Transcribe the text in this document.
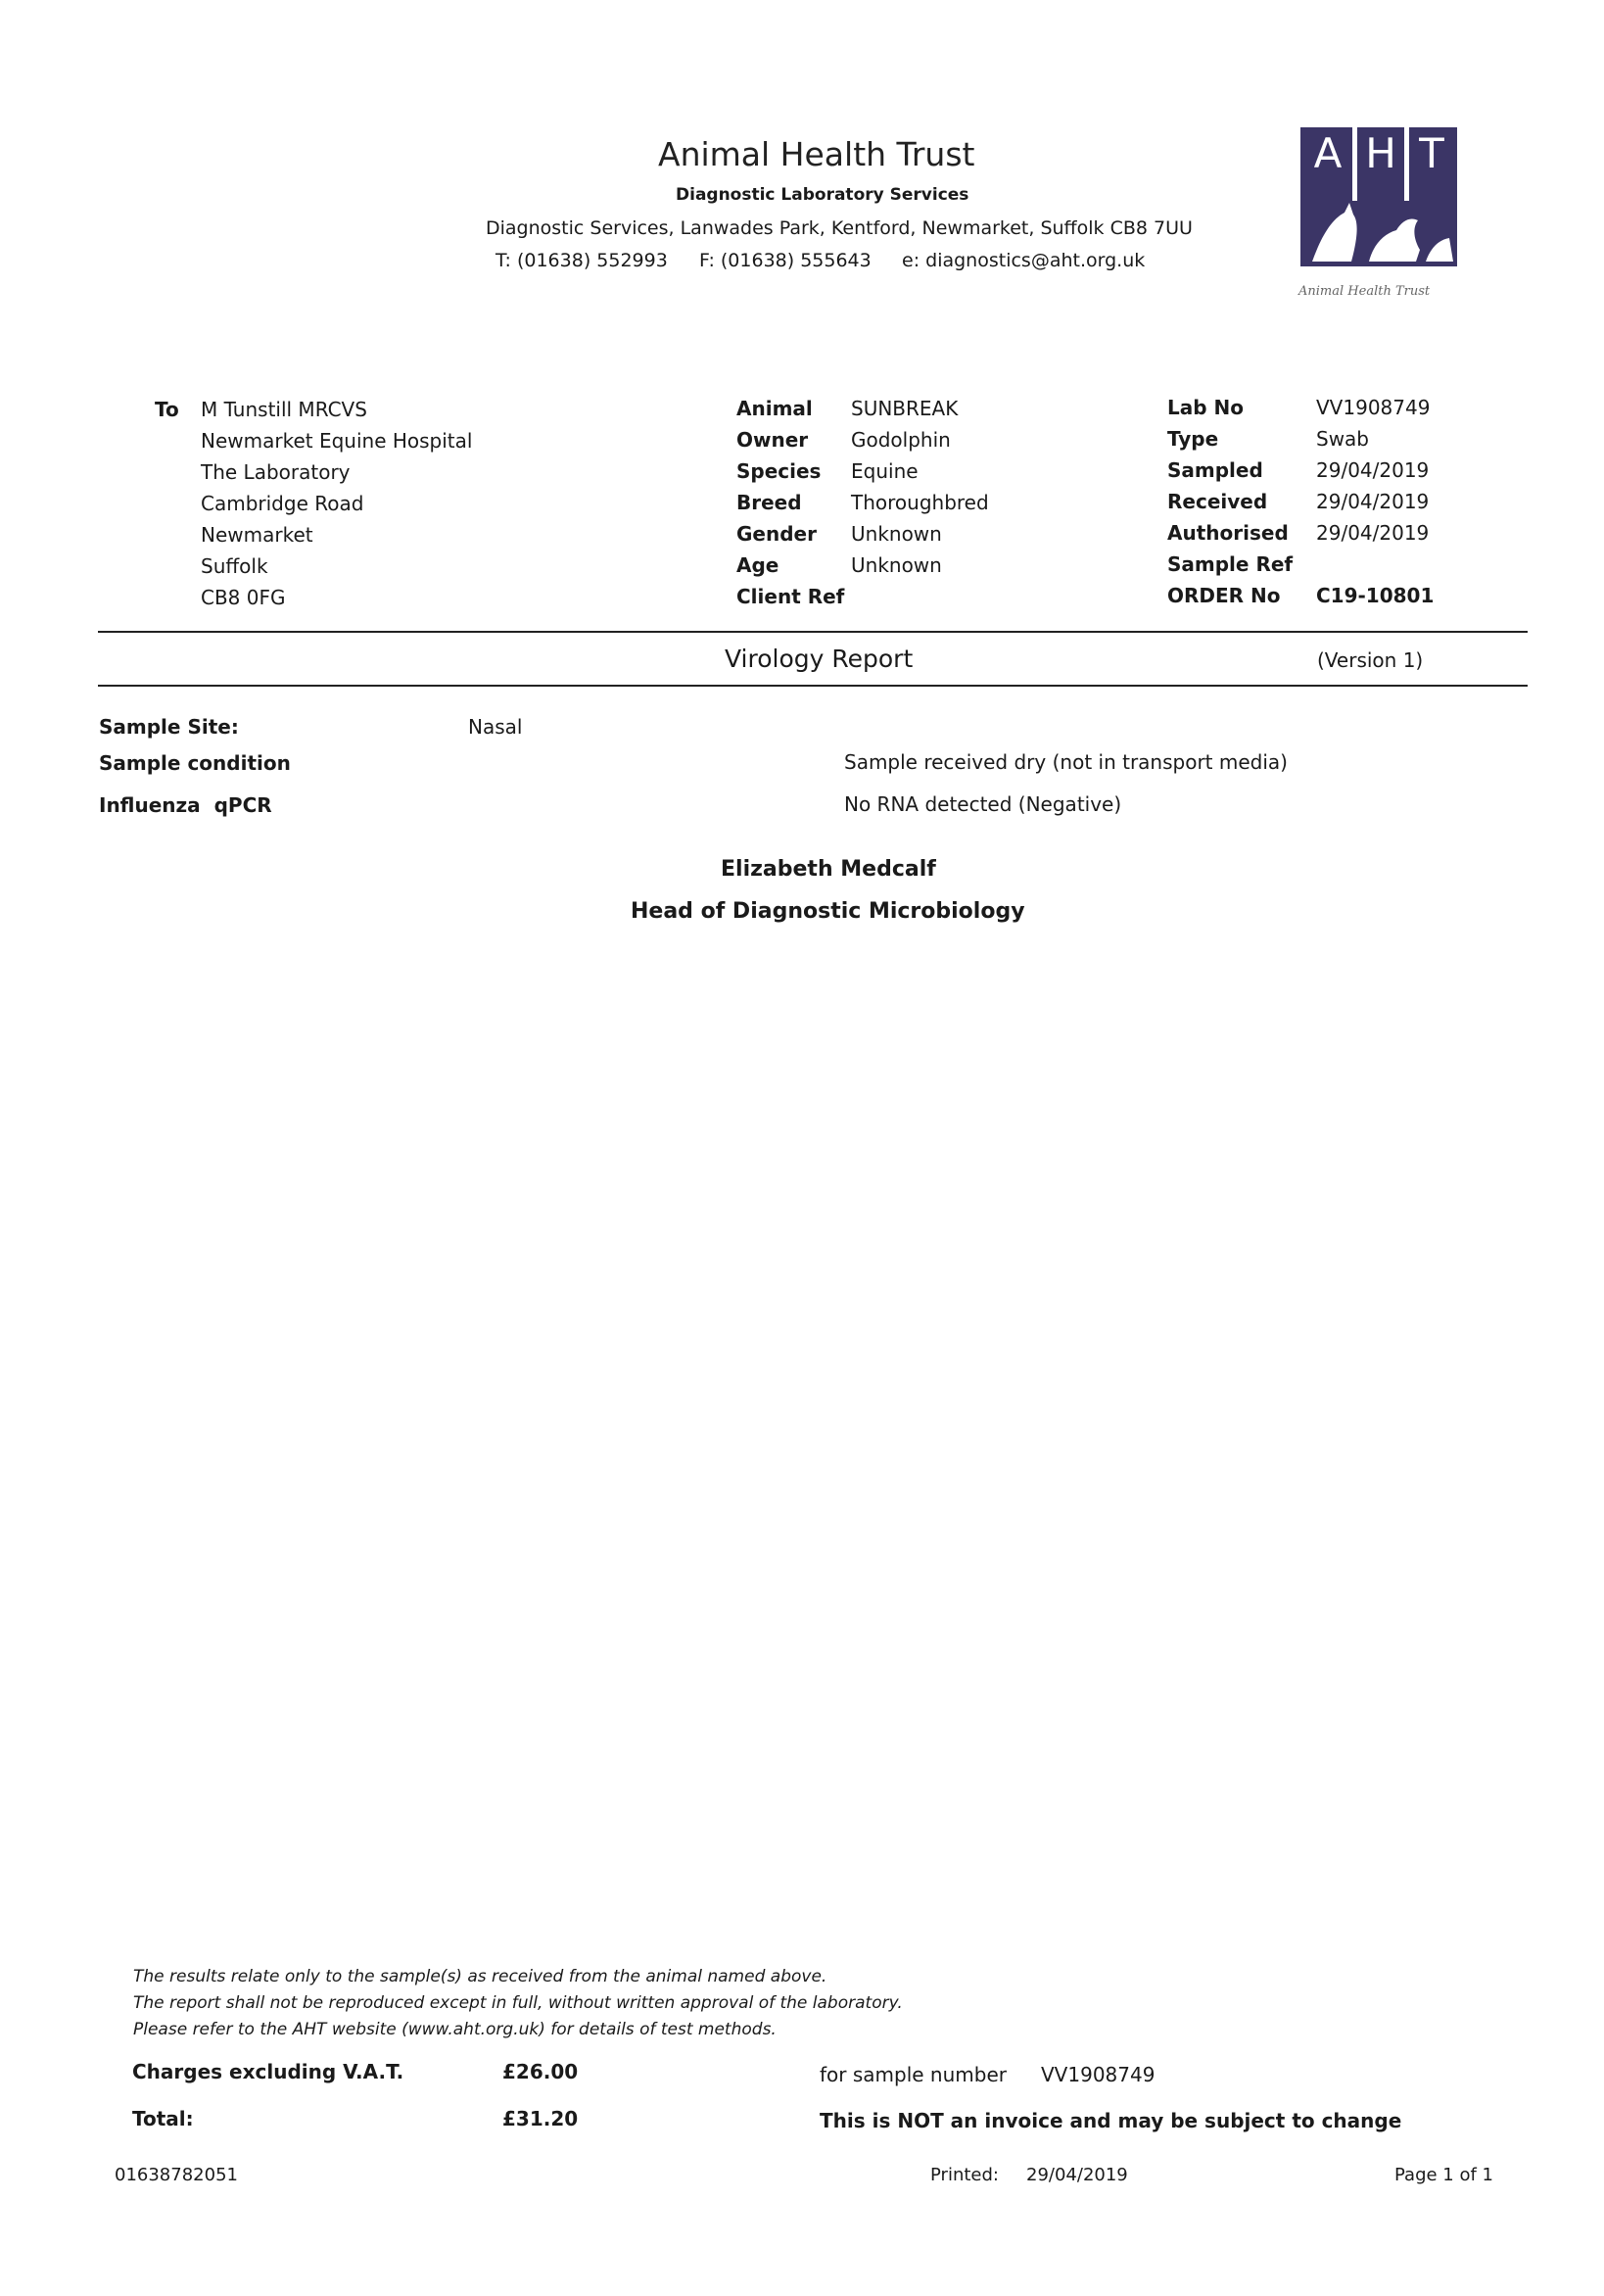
Animal Health Trust
Diagnostic Laboratory Services
Diagnostic Services, Lanwades Park, Kentford, Newmarket, Suffolk CB8 7UU
T: (01638) 552993 F: (01638) 555643 e: diagnostics@aht.org.uk
A H T
Animal Health Trust
To M Tunstill MRCVS
Newmarket Equine Hospital
The Laboratory
Cambridge Road
Newmarket
Suffolk
CB8 0FG
Animal SUNBREAK
Owner Godolphin
Species Equine
Breed	Thoroughbred
Gender Unknown
Age	Unknown
Client Ref
Lab No	VV1908749
Type	Swab
Sampled	29/04/2019
Received 29/04/2019
Authorised 29/04/2019
Sample Ref
ORDER No C19-10801
Virology Report	(Version 1)
Sample Site:	Nasal
Sample condition	Sample received dry (not in transport media)
Influenza  qPCR	No RNA detected (Negative)
Elizabeth Medcalf
Head of Diagnostic Microbiology
The results relate only to the sample(s) as received from the animal named above.
The report shall not be reproduced except in full, without written approval of the laboratory.
Please refer to the AHT website (www.aht.org.uk) for details of test methods.
Charges excluding V.A.T.	£26.00	for sample number VV1908749
Total:	£31.20	This is NOT an invoice and may be subject to change
01638782051	Printed: 29/04/2019	Page 1 of 1
